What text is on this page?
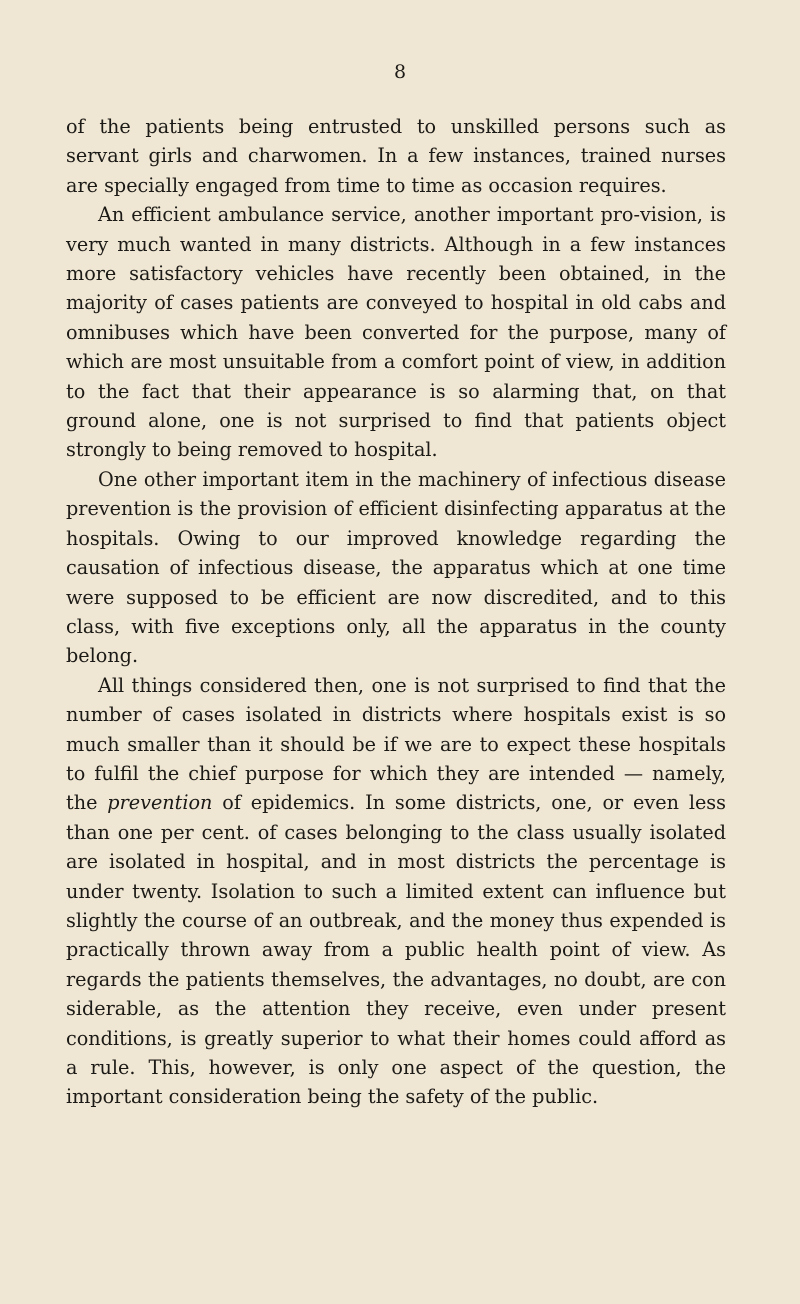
8

of the patients being entrusted to unskilled persons such as servant girls and charwomen. In a few instances, trained nurses are specially engaged from time to time as occasion requires.

An efficient ambulance service, another important pro-vision, is very much wanted in many districts. Although in a few instances more satisfactory vehicles have recently been obtained, in the majority of cases patients are conveyed to hospital in old cabs and omnibuses which have been converted for the purpose, many of which are most unsuitable from a comfort point of view, in addition to the fact that their appearance is so alarming that, on that ground alone, one is not surprised to find that patients object strongly to being removed to hospital.

One other important item in the machinery of infectious disease prevention is the provision of efficient disinfecting apparatus at the hospitals. Owing to our improved knowledge regarding the causation of infectious disease, the apparatus which at one time were supposed to be efficient are now discredited, and to this class, with five exceptions only, all the apparatus in the county belong.

All things considered then, one is not surprised to find that the number of cases isolated in districts where hospitals exist is so much smaller than it should be if we are to expect these hospitals to fulfil the chief purpose for which they are intended — namely, the prevention of epidemics. In some districts, one, or even less than one per cent. of cases belonging to the class usually isolated are isolated in hospital, and in most districts the percentage is under twenty. Isolation to such a limited extent can influence but slightly the course of an outbreak, and the money thus expended is practically thrown away from a public health point of view. As regards the patients themselves, the advantages, no doubt, are con siderable, as the attention they receive, even under present conditions, is greatly superior to what their homes could afford as a rule. This, however, is only one aspect of the question, the important consideration being the safety of the public.
